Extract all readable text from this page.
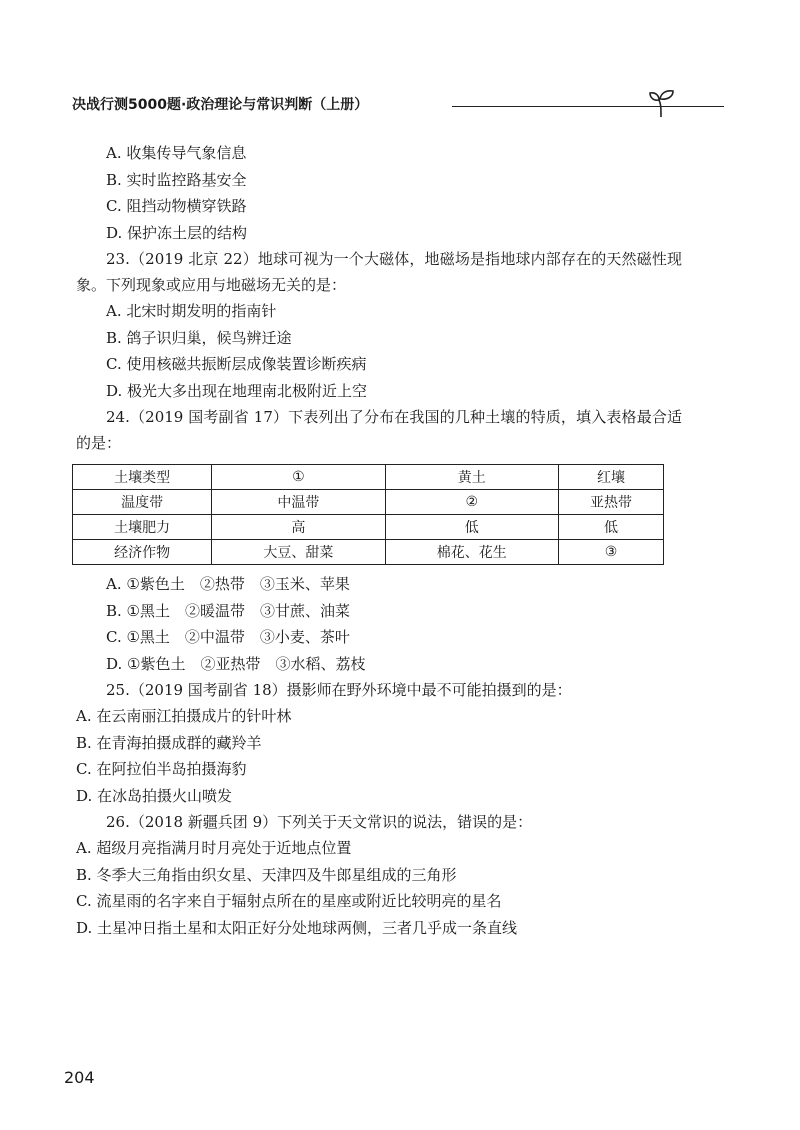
决战行测5000题·政治理论与常识判断（上册）
A. 收集传导气象信息
B. 实时监控路基安全
C. 阻挡动物横穿铁路
D. 保护冻土层的结构
23.（2019 北京 22）地球可视为一个大磁体，地磁场是指地球内部存在的天然磁性现象。下列现象或应用与地磁场无关的是：
A. 北宋时期发明的指南针
B. 鸽子识归巢，候鸟辨迁途
C. 使用核磁共振断层成像装置诊断疾病
D. 极光大多出现在地理南北极附近上空
24.（2019 国考副省 17）下表列出了分布在我国的几种土壤的特质，填入表格最合适的是：
土壤类型	①	黄土	红壤
温度带	中温带	②	亚热带
土壤肥力	高	低	低
经济作物	大豆、甜菜	棉花、花生	③
A. ①紫色土　②热带　③玉米、苹果
B. ①黑土　②暖温带　③甘蔗、油菜
C. ①黑土　②中温带　③小麦、茶叶
D. ①紫色土　②亚热带　③水稻、荔枝
25.（2019 国考副省 18）摄影师在野外环境中最不可能拍摄到的是：
A. 在云南丽江拍摄成片的针叶林
B. 在青海拍摄成群的藏羚羊
C. 在阿拉伯半岛拍摄海豹
D. 在冰岛拍摄火山喷发
26.（2018 新疆兵团 9）下列关于天文常识的说法，错误的是：
A. 超级月亮指满月时月亮处于近地点位置
B. 冬季大三角指由织女星、天津四及牛郎星组成的三角形
C. 流星雨的名字来自于辐射点所在的星座或附近比较明亮的星名
D. 土星冲日指土星和太阳正好分处地球两侧，三者几乎成一条直线
204
